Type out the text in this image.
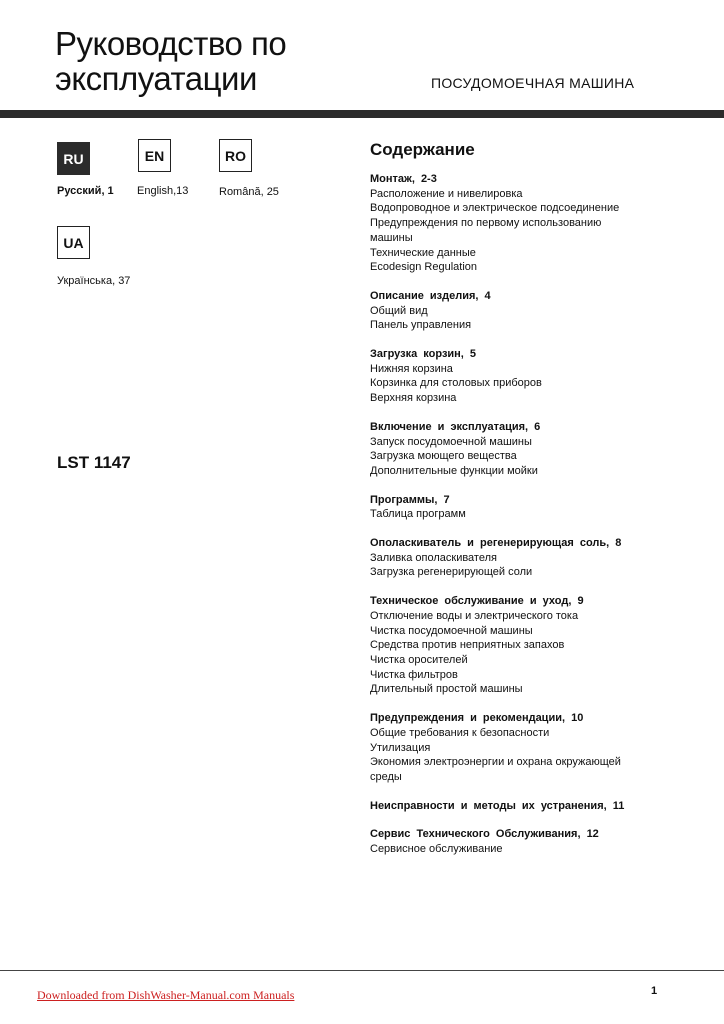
Руководство по
эксплуатации	ПОСУДОМОЕЧНАЯ МАШИНА
RU
Русский, 1
EN
English,13
RO
Română, 25
UA
Українська, 37
LST 1147
Содержание
Монтаж, 2-3
Расположение и нивелировка
Водопроводное и электрическое подсоединение
Предупреждения по первому использованию
машины
Технические данные
Ecodesign Regulation
Описание изделия, 4
Общий вид
Панель управления
Загрузка корзин, 5
Нижняя корзина
Корзинка для столовых приборов
Верхняя корзина
Включение и эксплуатация, 6
Запуск посудомоечной машины
Загрузка моющего вещества
Дополнительные функции мойки
Программы, 7
Таблица программ
Ополаскиватель и регенерирующая соль, 8
Заливка ополаскивателя
Загрузка регенерирующей соли
Техническое обслуживание и уход, 9
Отключение воды и электрического тока
Чистка посудомоечной машины
Средства против неприятных запахов
Чистка оросителей
Чистка фильтров
Длительный простой машины
Предупреждения и рекомендации, 10
Общие требования к безопасности
Утилизация
Экономия электроэнергии и охрана окружающей
среды
Неисправности и методы их устранения, 11
Сервис Технического Обслуживания, 12
Сервисное обслуживание
Downloaded from DishWasher-Manual.com Manuals	1
